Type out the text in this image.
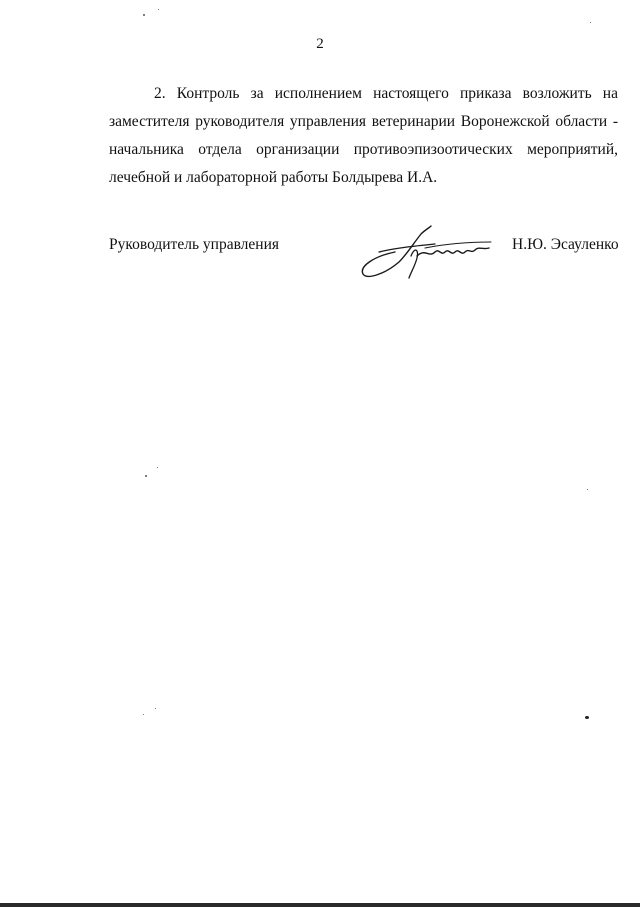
2
2. Контроль за исполнением настоящего приказа возложить на
заместителя руководителя управления ветеринарии Воронежской области -
начальника отдела организации противоэпизоотических мероприятий,
лечебной и лабораторной работы Болдырева И.А.
Руководитель управления	Н.Ю. Эсауленко
